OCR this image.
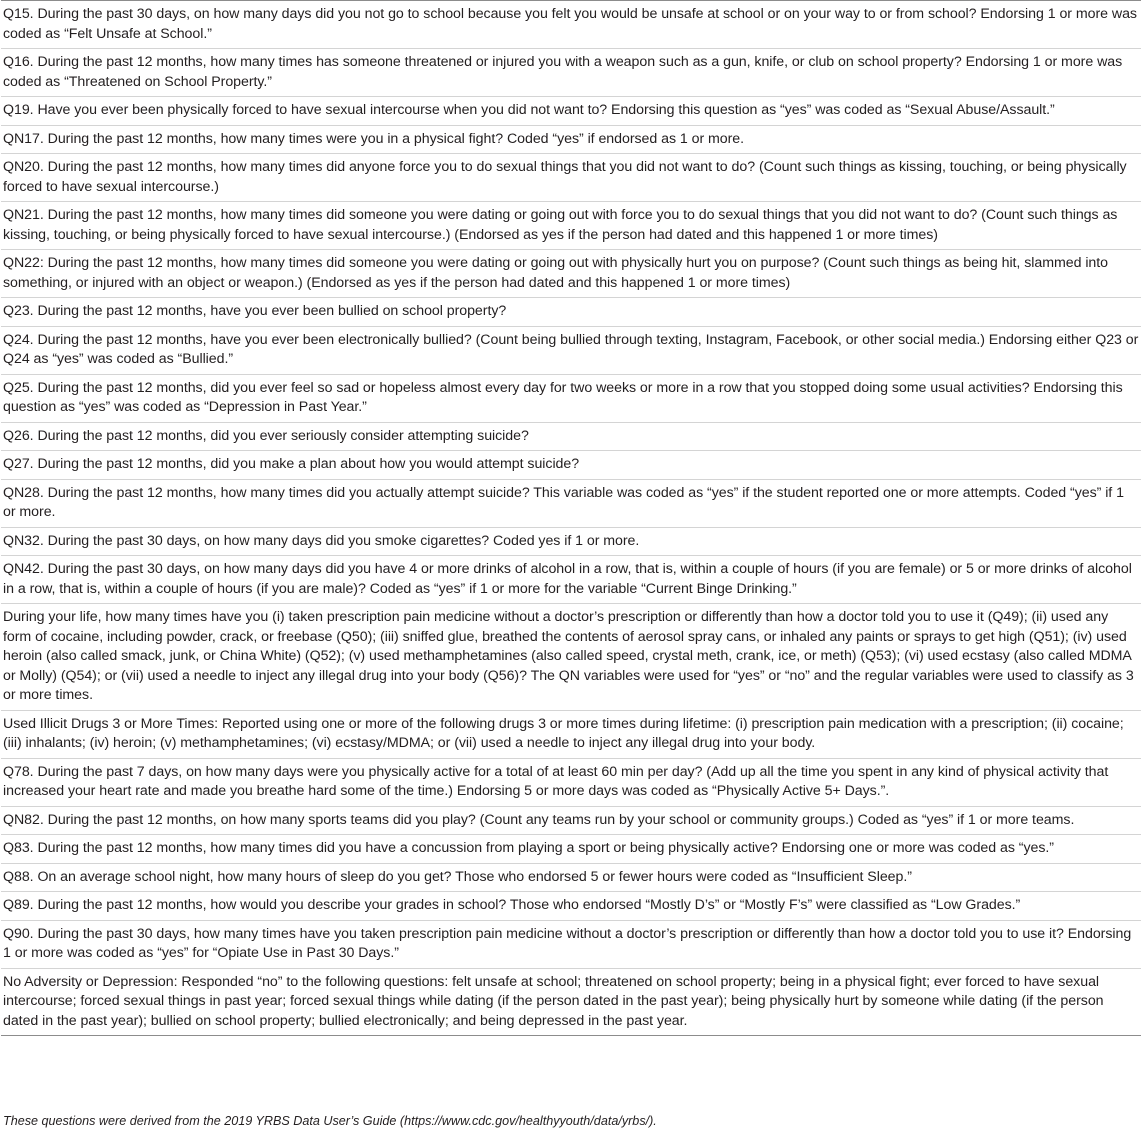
Q15. During the past 30 days, on how many days did you not go to school because you felt you would be unsafe at school or on your way to or from school? Endorsing 1 or more was coded as “Felt Unsafe at School.”
Q16. During the past 12 months, how many times has someone threatened or injured you with a weapon such as a gun, knife, or club on school property? Endorsing 1 or more was coded as “Threatened on School Property.”
Q19. Have you ever been physically forced to have sexual intercourse when you did not want to? Endorsing this question as “yes” was coded as “Sexual Abuse/Assault.”
QN17. During the past 12 months, how many times were you in a physical fight? Coded “yes” if endorsed as 1 or more.
QN20. During the past 12 months, how many times did anyone force you to do sexual things that you did not want to do? (Count such things as kissing, touching, or being physically forced to have sexual intercourse.)
QN21. During the past 12 months, how many times did someone you were dating or going out with force you to do sexual things that you did not want to do? (Count such things as kissing, touching, or being physically forced to have sexual intercourse.) (Endorsed as yes if the person had dated and this happened 1 or more times)
QN22: During the past 12 months, how many times did someone you were dating or going out with physically hurt you on purpose? (Count such things as being hit, slammed into something, or injured with an object or weapon.) (Endorsed as yes if the person had dated and this happened 1 or more times)
Q23. During the past 12 months, have you ever been bullied on school property?
Q24. During the past 12 months, have you ever been electronically bullied? (Count being bullied through texting, Instagram, Facebook, or other social media.) Endorsing either Q23 or Q24 as “yes” was coded as “Bullied.”
Q25. During the past 12 months, did you ever feel so sad or hopeless almost every day for two weeks or more in a row that you stopped doing some usual activities? Endorsing this question as “yes” was coded as “Depression in Past Year.”
Q26. During the past 12 months, did you ever seriously consider attempting suicide?
Q27. During the past 12 months, did you make a plan about how you would attempt suicide?
QN28. During the past 12 months, how many times did you actually attempt suicide? This variable was coded as “yes” if the student reported one or more attempts. Coded “yes” if 1 or more.
QN32. During the past 30 days, on how many days did you smoke cigarettes? Coded yes if 1 or more.
QN42. During the past 30 days, on how many days did you have 4 or more drinks of alcohol in a row, that is, within a couple of hours (if you are female) or 5 or more drinks of alcohol in a row, that is, within a couple of hours (if you are male)? Coded as “yes” if 1 or more for the variable “Current Binge Drinking.”
During your life, how many times have you (i) taken prescription pain medicine without a doctor’s prescription or differently than how a doctor told you to use it (Q49); (ii) used any form of cocaine, including powder, crack, or freebase (Q50); (iii) sniffed glue, breathed the contents of aerosol spray cans, or inhaled any paints or sprays to get high (Q51); (iv) used heroin (also called smack, junk, or China White) (Q52); (v) used methamphetamines (also called speed, crystal meth, crank, ice, or meth) (Q53); (vi) used ecstasy (also called MDMA or Molly) (Q54); or (vii) used a needle to inject any illegal drug into your body (Q56)? The QN variables were used for “yes” or “no” and the regular variables were used to classify as 3 or more times.
Used Illicit Drugs 3 or More Times: Reported using one or more of the following drugs 3 or more times during lifetime: (i) prescription pain medication with a prescription; (ii) cocaine; (iii) inhalants; (iv) heroin; (v) methamphetamines; (vi) ecstasy/MDMA; or (vii) used a needle to inject any illegal drug into your body.
Q78. During the past 7 days, on how many days were you physically active for a total of at least 60 min per day? (Add up all the time you spent in any kind of physical activity that increased your heart rate and made you breathe hard some of the time.) Endorsing 5 or more days was coded as “Physically Active 5+ Days.”.
QN82. During the past 12 months, on how many sports teams did you play? (Count any teams run by your school or community groups.) Coded as “yes” if 1 or more teams.
Q83. During the past 12 months, how many times did you have a concussion from playing a sport or being physically active? Endorsing one or more was coded as “yes.”
Q88. On an average school night, how many hours of sleep do you get? Those who endorsed 5 or fewer hours were coded as “Insufficient Sleep.”
Q89. During the past 12 months, how would you describe your grades in school? Those who endorsed “Mostly D’s” or “Mostly F’s” were classified as “Low Grades.”
Q90. During the past 30 days, how many times have you taken prescription pain medicine without a doctor’s prescription or differently than how a doctor told you to use it? Endorsing 1 or more was coded as “yes” for “Opiate Use in Past 30 Days.”
No Adversity or Depression: Responded “no” to the following questions: felt unsafe at school; threatened on school property; being in a physical fight; ever forced to have sexual intercourse; forced sexual things in past year; forced sexual things while dating (if the person dated in the past year); being physically hurt by someone while dating (if the person dated in the past year); bullied on school property; bullied electronically; and being depressed in the past year.
These questions were derived from the 2019 YRBS Data User’s Guide (https://www.cdc.gov/healthyyouth/data/yrbs/).
